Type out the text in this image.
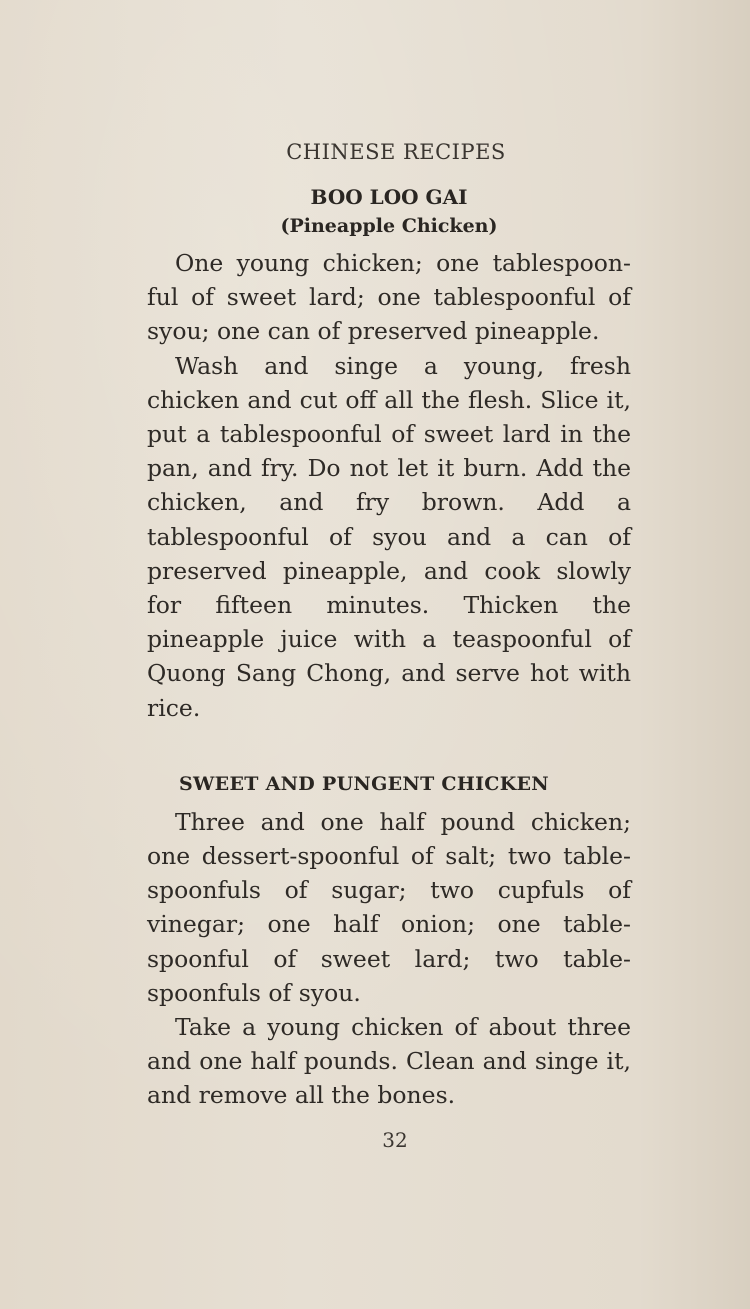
CHINESE RECIPES
BOO LOO GAI
(Pineapple Chicken)

One young chicken; one tablespoonful of sweet lard; one tablespoonful of syou; one can of preserved pineapple.

Wash and singe a young, fresh chicken and cut off all the flesh. Slice it, put a tablespoonful of sweet lard in the pan, and fry. Do not let it burn. Add the chicken, and fry brown. Add a tablespoonful of syou and a can of preserved pineapple, and cook slowly for fifteen minutes. Thicken the pineapple juice with a teaspoonful of Quong Sang Chong, and serve hot with rice.

SWEET AND PUNGENT CHICKEN

Three and one half pound chicken; one dessert-spoonful of salt; two tablespoonfuls of sugar; two cupfuls of vinegar; one half onion; one tablespoonful of sweet lard; two tablespoonfuls of syou.

Take a young chicken of about three and one half pounds. Clean and singe it, and remove all the bones.

32
